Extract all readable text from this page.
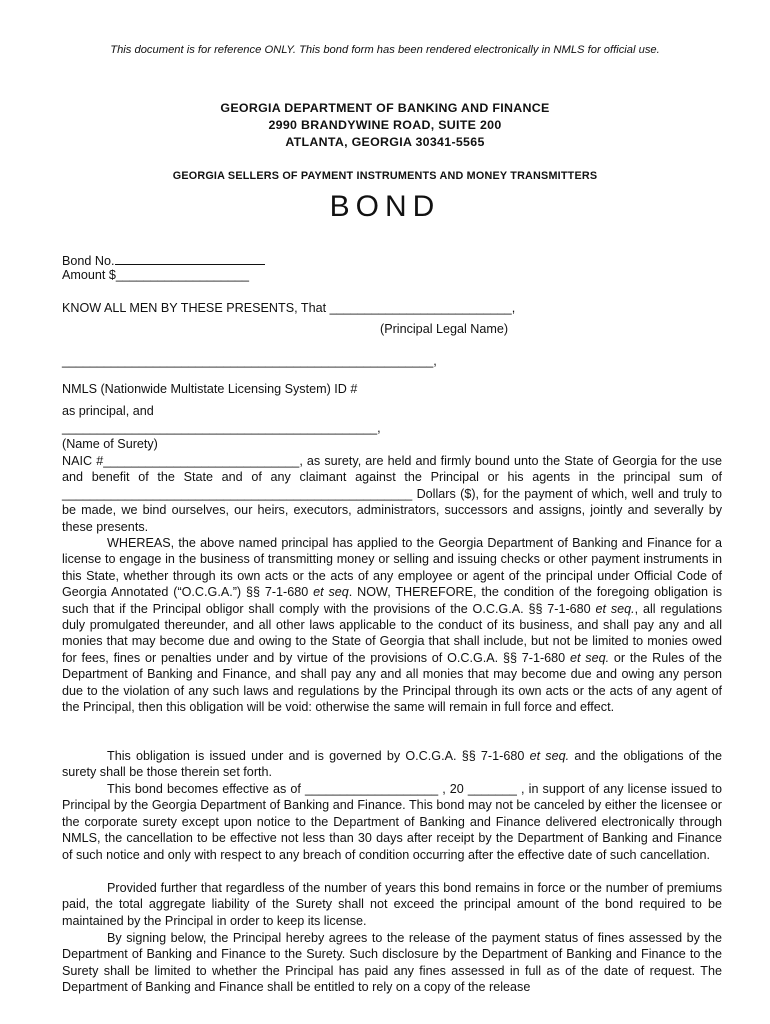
This document is for reference ONLY. This bond form has been rendered electronically in NMLS for official use.
GEORGIA DEPARTMENT OF BANKING AND FINANCE
2990 BRANDYWINE ROAD, SUITE 200
ATLANTA, GEORGIA 30341-5565
GEORGIA SELLERS OF PAYMENT INSTRUMENTS AND MONEY TRANSMITTERS
BOND
Bond No.
Amount $___________________
KNOW ALL MEN BY THESE PRESENTS, That __________________________,
(Principal Legal Name)
_____________________________________________________,
NMLS (Nationwide Multistate Licensing System) ID #
as principal, and
_____________________________________________,
(Name of Surety)

NAIC #____________________________, as surety, are held and firmly bound unto the State of Georgia for the use and benefit of the State and of any claimant against the Principal or his agents in the principal sum of __________________________________________________ Dollars ($), for the payment of which, well and truly to be made, we bind ourselves, our heirs, executors, administrators, successors and assigns, jointly and severally by these presents.

WHEREAS, the above named principal has applied to the Georgia Department of Banking and Finance for a license to engage in the business of transmitting money or selling and issuing checks or other payment instruments in this State, whether through its own acts or the acts of any employee or agent of the principal under Official Code of Georgia Annotated (“O.C.G.A.”) §§ 7-1-680 et seq. NOW, THEREFORE, the condition of the foregoing obligation is such that if the Principal obligor shall comply with the provisions of the O.C.G.A. §§ 7-1-680 et seq., all regulations duly promulgated thereunder, and all other laws applicable to the conduct of its business, and shall pay any and all monies that may become due and owing to the State of Georgia that shall include, but not be limited to monies owed for fees, fines or penalties under and by virtue of the provisions of O.C.G.A. §§ 7-1-680 et seq. or the Rules of the Department of Banking and Finance, and shall pay any and all monies that may become due and owing any person due to the violation of any such laws and regulations by the Principal through its own acts or the acts of any agent of the Principal, then this obligation will be void: otherwise the same will remain in full force and effect.

This obligation is issued under and is governed by O.C.G.A. §§ 7-1-680 et seq. and the obligations of the surety shall be those therein set forth.

This bond becomes effective as of ___________________ , 20 _______ , in support of any license issued to Principal by the Georgia Department of Banking and Finance. This bond may not be canceled by either the licensee or the corporate surety except upon notice to the Department of Banking and Finance delivered electronically through NMLS, the cancellation to be effective not less than 30 days after receipt by the Department of Banking and Finance of such notice and only with respect to any breach of condition occurring after the effective date of such cancellation.

Provided further that regardless of the number of years this bond remains in force or the number of premiums paid, the total aggregate liability of the Surety shall not exceed the principal amount of the bond required to be maintained by the Principal in order to keep its license.

By signing below, the Principal hereby agrees to the release of the payment status of fines assessed by the Department of Banking and Finance to the Surety. Such disclosure by the Department of Banking and Finance to the Surety shall be limited to whether the Principal has paid any fines assessed in full as of the date of request. The Department of Banking and Finance shall be entitled to rely on a copy of the release
